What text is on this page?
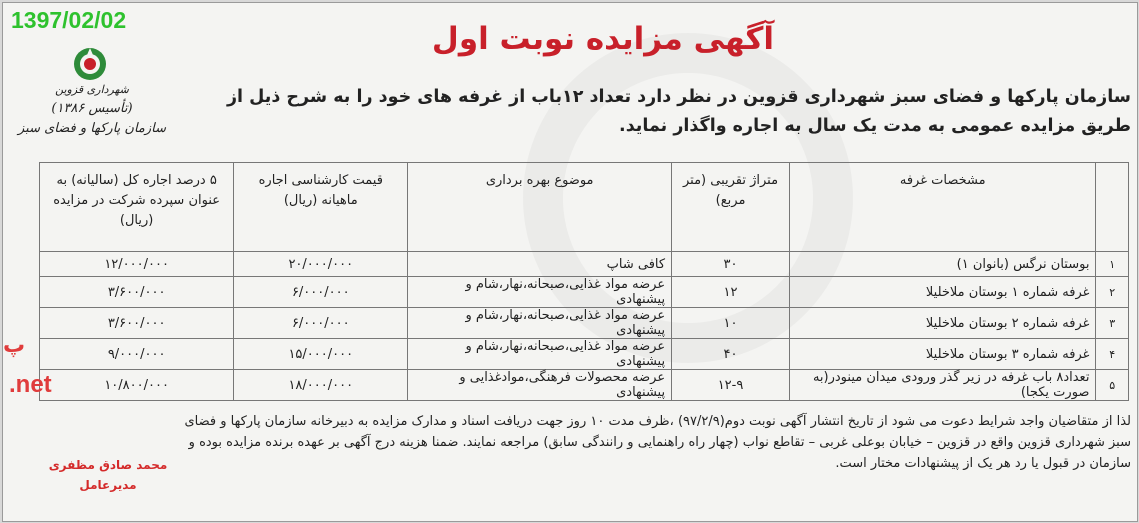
1397/02/02
شهرداری قزوین
(تأسیس ۱۳۸۶)
سازمان پارکها و فضای سبز
آگهی مزایده نوبت اول
سازمان پارکها و فضای سبز شهرداری قزوین در نظر دارد تعداد ۱۲باب از غرفه های خود را به شرح ذیل از طریق مزایده عمومی به مدت یک سال به اجاره واگذار نماید.
	مشخصات غرفه	متراژ تقریبی (متر مربع)	موضوع بهره برداری	قیمت کارشناسی اجاره ماهیانه (ریال)	۵ درصد اجاره کل (سالیانه) به عنوان سپرده شرکت در مزایده (ریال)
۱	بوستان نرگس (بانوان ۱)	۳۰	کافی شاپ	۲۰/۰۰۰/۰۰۰	۱۲/۰۰۰/۰۰۰
۲	غرفه شماره ۱ بوستان ملاخلیلا	۱۲	عرضه مواد غذایی،صبحانه،نهار،شام و پیشنهادی	۶/۰۰۰/۰۰۰	۳/۶۰۰/۰۰۰
۳	غرفه شماره ۲ بوستان ملاخلیلا	۱۰	عرضه مواد غذایی،صبحانه،نهار،شام و پیشنهادی	۶/۰۰۰/۰۰۰	۳/۶۰۰/۰۰۰
۴	غرفه شماره ۳ بوستان ملاخلیلا	۴۰	عرضه مواد غذایی،صبحانه،نهار،شام و پیشنهادی	۱۵/۰۰۰/۰۰۰	۹/۰۰۰/۰۰۰
۵	تعداد۸ باب غرفه در زیر گذر ورودی میدان مینودر(به صورت یکجا)	۱۲-۹	عرضه محصولات فرهنگی،موادغذایی و پیشنهادی	۱۸/۰۰۰/۰۰۰	۱۰/۸۰۰/۰۰۰
لذا از متقاضیان واجد شرایط دعوت می شود از تاریخ انتشار آگهی نوبت دوم(۹۷/۲/۹) ،ظرف مدت ۱۰ روز جهت دریافت اسناد و مدارک مزایده به دبیرخانه سازمان پارکها و فضای سبز شهرداری قزوین واقع در قزوین – خیابان بوعلی غربی – تقاطع نواب (چهار راه راهنمایی و رانندگی سابق) مراجعه نمایند. ضمنا هزینه درج آگهی بر عهده برنده مزایده بوده و سازمان در قبول یا رد هر یک از پیشنهادات مختار است.
محمد صادق مظفری
مدیرعامل
پ
.net
